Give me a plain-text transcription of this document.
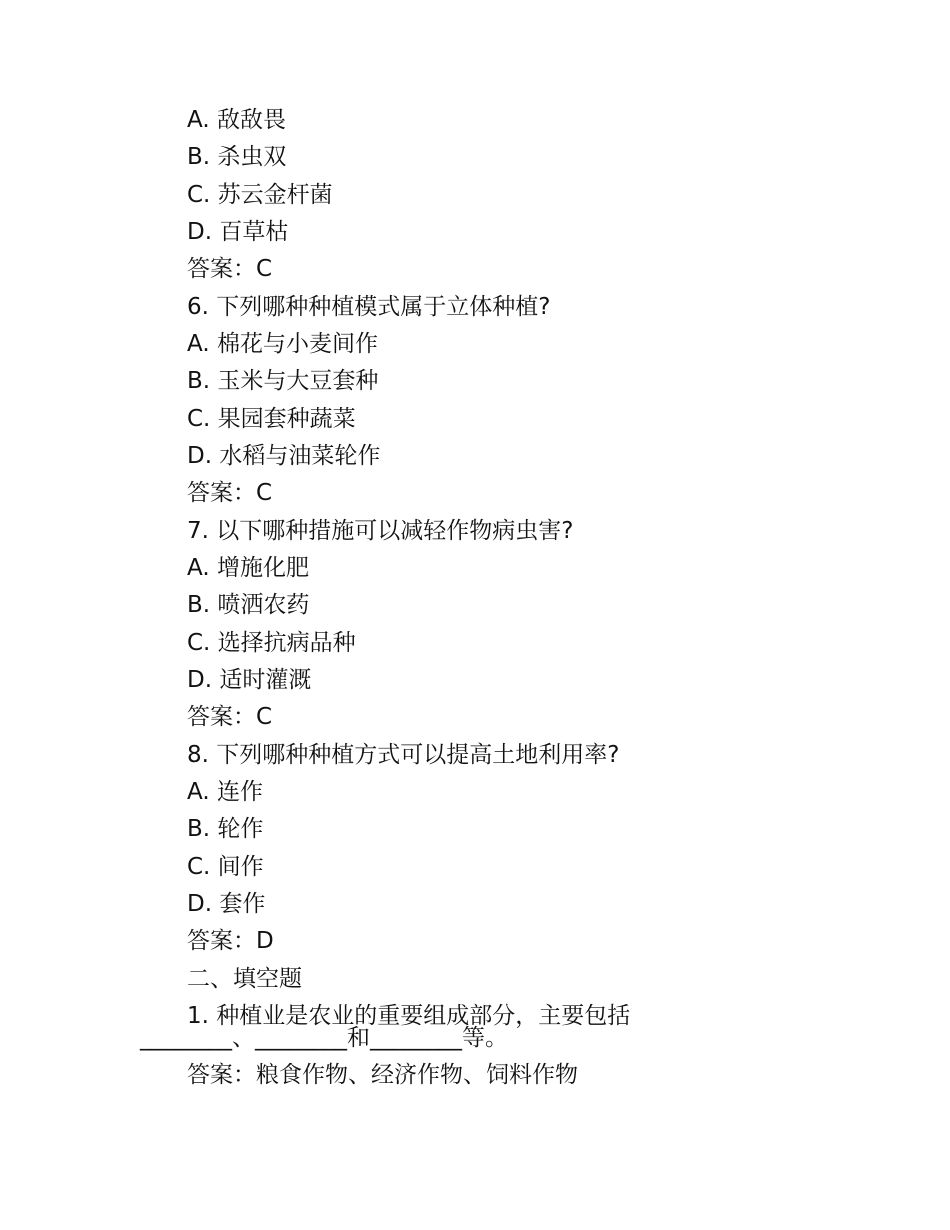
A. 敌敌畏
B. 杀虫双
C. 苏云金杆菌
D. 百草枯
答案：C
6. 下列哪种种植模式属于立体种植?
A. 棉花与小麦间作
B. 玉米与大豆套种
C. 果园套种蔬菜
D. 水稻与油菜轮作
答案：C
7. 以下哪种措施可以减轻作物病虫害?
A. 增施化肥
B. 喷洒农药
C. 选择抗病品种
D. 适时灌溉
答案：C
8. 下列哪种种植方式可以提高土地利用率?
A. 连作
B. 轮作
C. 间作
D. 套作
答案：D
二、填空题
1. 种植业是农业的重要组成部分，主要包括
________、________和________等。
答案：粮食作物、经济作物、饲料作物
